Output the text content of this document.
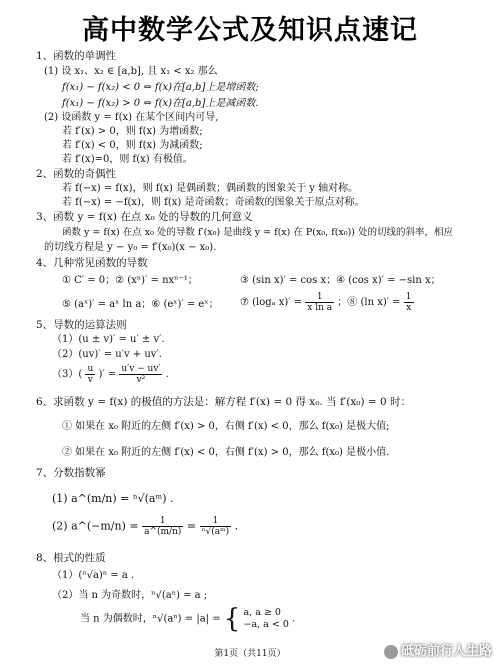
高中数学公式及知识点速记
1、函数的单调性
(1) 设 x₁、x₂ ∈ [a,b], 且 x₁ < x₂ 那么
f(x₁) − f(x₂) < 0 ⇔ f(x)在[a,b]上是增函数;
f(x₁) − f(x₂) > 0 ⇔ f(x)在[a,b]上是减函数.
(2) 设函数 y = f(x) 在某个区间内可导,
若 f′(x) > 0，则 f(x) 为增函数;
若 f′(x) < 0，则 f(x) 为减函数;
若 f′(x)=0，则 f(x) 有极值。
2、函数的奇偶性
若 f(−x) = f(x)，则 f(x) 是偶函数；偶函数的图象关于 y 轴对称。
若 f(−x) = −f(x)，则 f(x) 是奇函数；奇函数的图象关于原点对称。
3、函数 y = f(x) 在点 x₀ 处的导数的几何意义
函数 y = f(x) 在点 x₀ 处的导数 f′(x₀) 是曲线 y = f(x) 在 P(x₀, f(x₀)) 处的切线的斜率，相应
的切线方程是 y − y₀ = f′(x₀)(x − x₀).
4、几种常见函数的导数
① C′ = 0；② (xⁿ)′ = nxⁿ⁻¹；	③ (sin x)′ = cos x；④ (cos x)′ = −sin x；
⑤ (aˣ)′ = aˣ ln a；⑥ (eˣ)′ = eˣ； ⑦ (logₐ $x)' = \frac{1}{\text{x ln a}}$ ；⑧ (ln $x)' = \frac{1}{x}$
5、导数的运算法则
（1）(u ± v)′ = u′ ± v′.
（2）(uv)′ = u′v + uv′.
$(3)( \frac{u}{v}$ )′ = $\frac{u'v - uv'}{\text{v²}}$ .
6、求函数 y = f(x) 的极值的方法是：解方程 f′(x) = 0 得 x₀. 当 f′(x₀) = 0 时：
① 如果在 x₀ 附近的左侧 f′(x) > 0，右侧 f′(x) < 0，那么 f(x₀) 是极大值;
② 如果在 x₀ 附近的左侧 f′(x) < 0，右侧 f′(x) > 0，那么 f(x₀) 是极小值.
7、分数指数幂
(1) a^(m/n) = ⁿ√(aᵐ) .
(2) a^(−m/n) = $\frac{1}{a\^{}(m/n)} = \frac{1}{\text{ⁿ√(aᵐ)}}$ .
8、根式的性质
（1）(ⁿ√a)ⁿ = a .
（2）当 n 为奇数时，ⁿ√(aⁿ) = a ;
当 n 为偶数时，ⁿ√(aⁿ) = |a| = { a, a ≥ 0
−a, a < 0 .
第1页（共11页）	砥砺前行人生路
